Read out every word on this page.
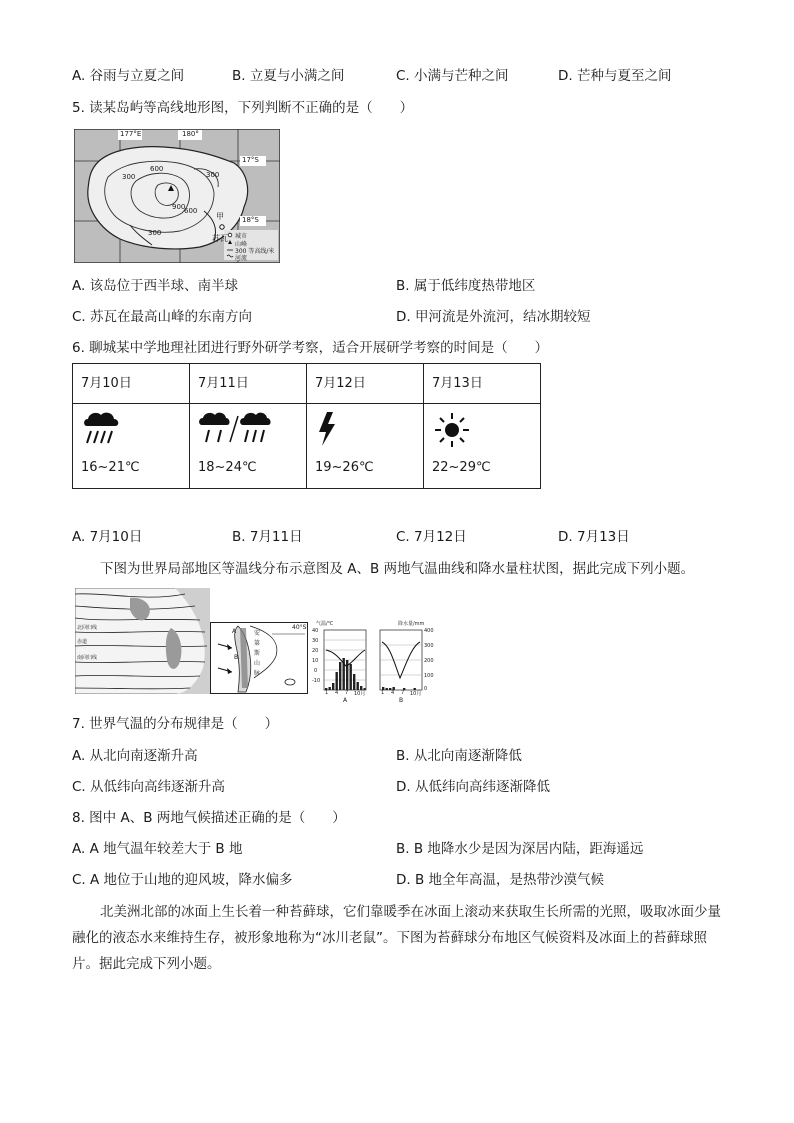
A. 谷雨与立夏之间	B. 立夏与小满之间	C. 小满与芒种之间	D. 芒种与夏至之间
5. 读某岛屿等高线地形图，下列判断不正确的是（　　）
177°E	180°
17°S
18°S
300
600
900
300
600
300
苏瓦
甲
城市
山峰
300 等高线/米
河流
A. 该岛位于西半球、南半球	B. 属于低纬度热带地区
C. 苏瓦在最高山峰的东南方向	D. 甲河流是外流河，结冰期较短
6. 聊城某中学地理社团进行野外研学考察，适合开展研学考察的时间是（　　）
7月10日	7月11日	7月12日	7月13日

16~21℃	18~24℃	19~26℃	22~29℃
A. 7月10日	B. 7月11日	C. 7月12日	D. 7月13日
下图为世界局部地区等温线分布示意图及 A、B 两地气温曲线和降水量柱状图，据此完成下列小题。
北回归线
赤道
南回归线
40°S
安
第
斯
山
脉
A
B
气温/℃
40
30
20
10
0
-10
1 4 7 10月
A
降水量/mm
400
300
200
100
0
1 4 7 10月
B
7. 世界气温的分布规律是（　　）
A. 从北向南逐渐升高	B. 从北向南逐渐降低
C. 从低纬向高纬逐渐升高	D. 从低纬向高纬逐渐降低
8. 图中 A、B 两地气候描述正确的是（　　）
A. A 地气温年较差大于 B 地	B. B 地降水少是因为深居内陆，距海遥远
C. A 地位于山地的迎风坡，降水偏多	D. B 地全年高温，是热带沙漠气候
北美洲北部的冰面上生长着一种苔藓球，它们靠暖季在冰面上滚动来获取生长所需的光照，吸取冰面少量融化的液态水来维持生存，被形象地称为“冰川老鼠”。下图为苔藓球分布地区气候资料及冰面上的苔藓球照片。据此完成下列小题。
